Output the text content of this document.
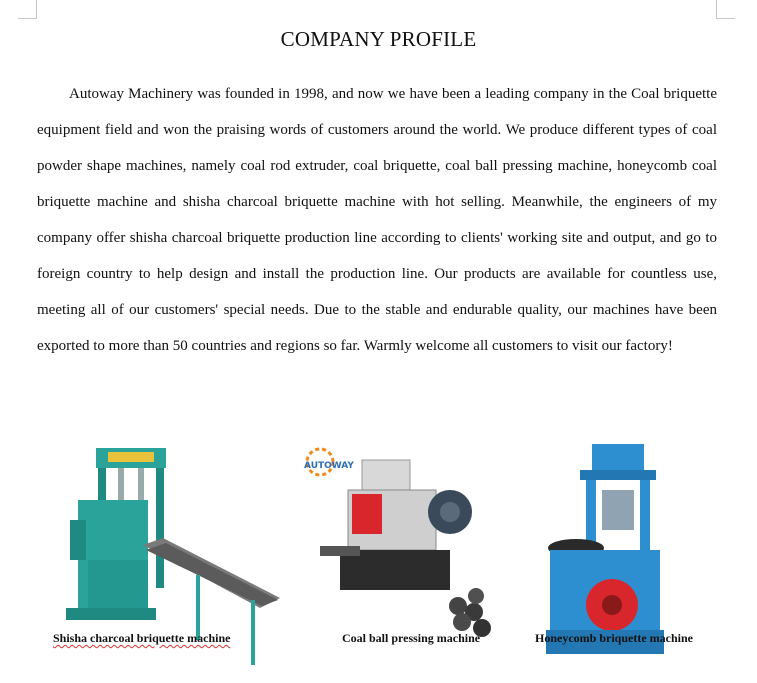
COMPANY PROFILE

Autoway Machinery was founded in 1998, and now we have been a leading company in the Coal briquette equipment field and won the praising words of customers around the world. We produce different types of coal powder shape machines, namely coal rod extruder, coal briquette, coal ball pressing machine, honeycomb coal briquette machine and shisha charcoal briquette machine with hot selling. Meanwhile, the engineers of my company offer shisha charcoal briquette production line according to clients' working site and output, and go to foreign country to help design and install the production line. Our products are available for countless use, meeting all of our customers' special needs. Due to the stable and endurable quality, our machines have been exported to more than 50 countries and regions so far. Warmly welcome all customers to visit our factory!

AUTOWAY
Shisha charcoal briquette machine	Coal ball pressing machine	Honeycomb briquette machine
